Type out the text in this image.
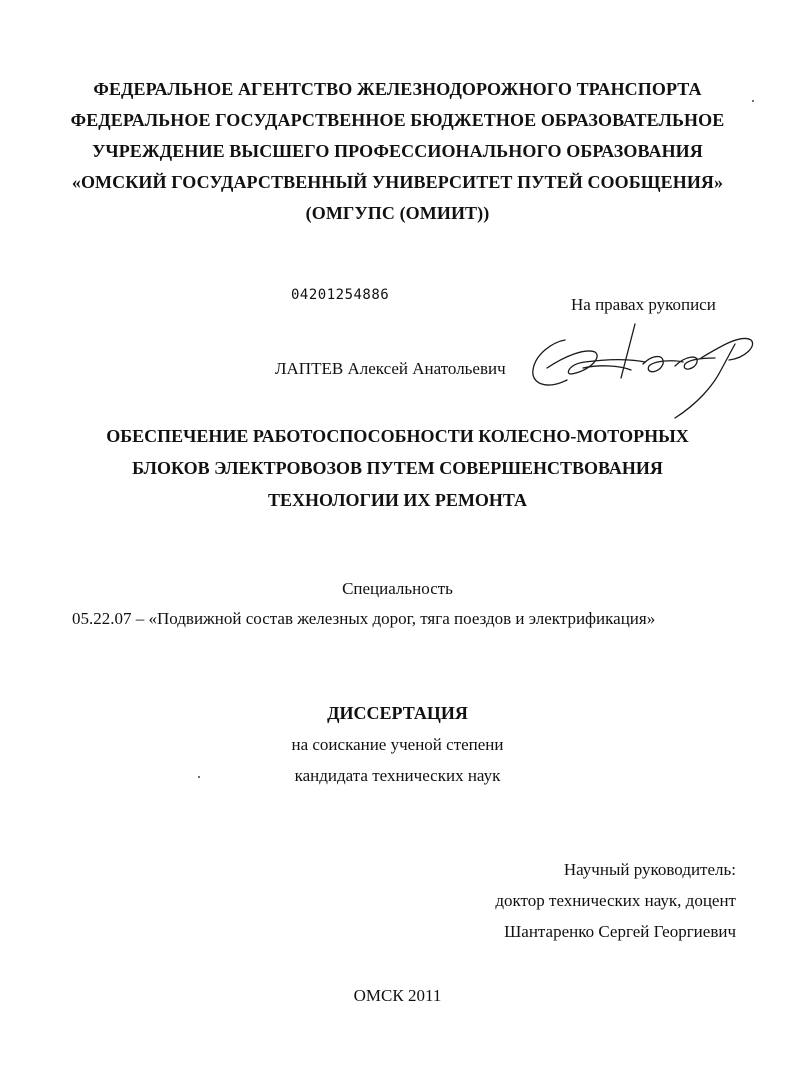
ФЕДЕРАЛЬНОЕ АГЕНТСТВО ЖЕЛЕЗНОДОРОЖНОГО ТРАНСПОРТА
ФЕДЕРАЛЬНОЕ ГОСУДАРСТВЕННОЕ БЮДЖЕТНОЕ ОБРАЗОВАТЕЛЬНОЕ
УЧРЕЖДЕНИЕ ВЫСШЕГО ПРОФЕССИОНАЛЬНОГО ОБРАЗОВАНИЯ
«ОМСКИЙ ГОСУДАРСТВЕННЫЙ УНИВЕРСИТЕТ ПУТЕЙ СООБЩЕНИЯ»
(ОМГУПС (ОМИИТ))
04201254886	На правах рукописи
ЛАПТЕВ Алексей Анатольевич
ОБЕСПЕЧЕНИЕ РАБОТОСПОСОБНОСТИ КОЛЕСНО-МОТОРНЫХ
БЛОКОВ ЭЛЕКТРОВОЗОВ ПУТЕМ СОВЕРШЕНСТВОВАНИЯ
ТЕХНОЛОГИИ ИХ РЕМОНТА
Специальность
05.22.07 – «Подвижной состав железных дорог, тяга поездов и электрификация»
ДИССЕРТАЦИЯ
на соискание ученой степени
кандидата технических наук
Научный руководитель:
доктор технических наук, доцент
Шантаренко Сергей Георгиевич
ОМСК 2011
